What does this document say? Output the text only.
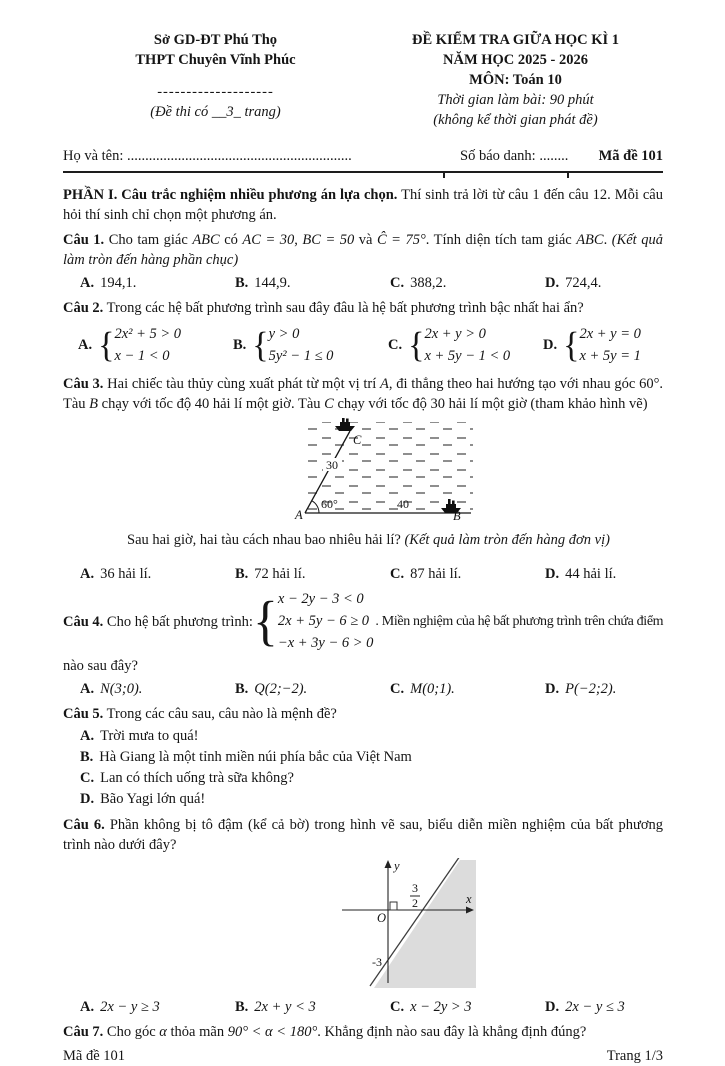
Sở GD-ĐT Phú Thọ
THPT Chuyên Vĩnh Phúc
--------------------
(Đề thi có __3_ trang)
ĐỀ KIỂM TRA GIỮA HỌC KÌ 1
NĂM HỌC 2025 - 2026
MÔN: Toán 10
Thời gian làm bài: 90 phút
(không kể thời gian phát đề)
Họ và tên: ..............................................................	Số báo danh: ........	Mã đề 101

PHẦN I. Câu trắc nghiệm nhiều phương án lựa chọn. Thí sinh trả lời từ câu 1 đến câu 12. Mỗi câu hỏi thí sinh chỉ chọn một phương án.

Câu 1. Cho tam giác ABC có AC = 30, BC = 50 và Ĉ = 75°. Tính diện tích tam giác ABC. (Kết quả làm tròn đến hàng phần chục)

A. 194,1.	B. 144,9.	C. 388,2.	D. 724,4.

Câu 2. Trong các hệ bất phương trình sau đây đâu là hệ bất phương trình bậc nhất hai ẩn?

A. { 2x² + 5 > 0
x − 1 < 0
B. { y > 0
5y² − 1 ≤ 0
C. { 2x + y > 0
x + 5y − 1 < 0
D. { 2x + y = 0
x + 5y = 1

Câu 3. Hai chiếc tàu thủy cùng xuất phát từ một vị trí A, đi thẳng theo hai hướng tạo với nhau góc 60°. Tàu B chạy với tốc độ 40 hải lí một giờ. Tàu C chạy với tốc độ 30 hải lí một giờ (tham khảo hình vẽ)

30
40
60°
A
C
B

Sau hai giờ, hai tàu cách nhau bao nhiêu hải lí? (Kết quả làm tròn đến hàng đơn vị)

A. 36 hải lí.	B. 72 hải lí.	C. 87 hải lí.	D. 44 hải lí.
Câu 4. Cho hệ bất phương trình: { x − 2y − 3 < 0
2x + 5y − 6 ≥ 0
−x + 3y − 6 > 0
. Miền nghiệm của hệ bất phương trình trên chứa điểm

nào sau đây?

A. N(3;0).	B. Q(2;−2).	C. M(0;1).	D. P(−2;2).

Câu 5. Trong các câu sau, câu nào là mệnh đề?

A. Trời mưa to quá!
B. Hà Giang là một tỉnh miền núi phía bắc của Việt Nam
C. Lan có thích uống trà sữa không?
D. Bão Yagi lớn quá!

Câu 6. Phần không bị tô đậm (kể cả bờ) trong hình vẽ sau, biểu diễn miền nghiệm của bất phương trình nào dưới đây?

x
y
O
3
2
-3
A. 2x − y ≥ 3	B. 2x + y < 3	C. x − 2y > 3	D. 2x − y ≤ 3

Câu 7. Cho góc α thỏa mãn 90° < α < 180°. Khẳng định nào sau đây là khẳng định đúng?

Mã đề 101	Trang 1/3
